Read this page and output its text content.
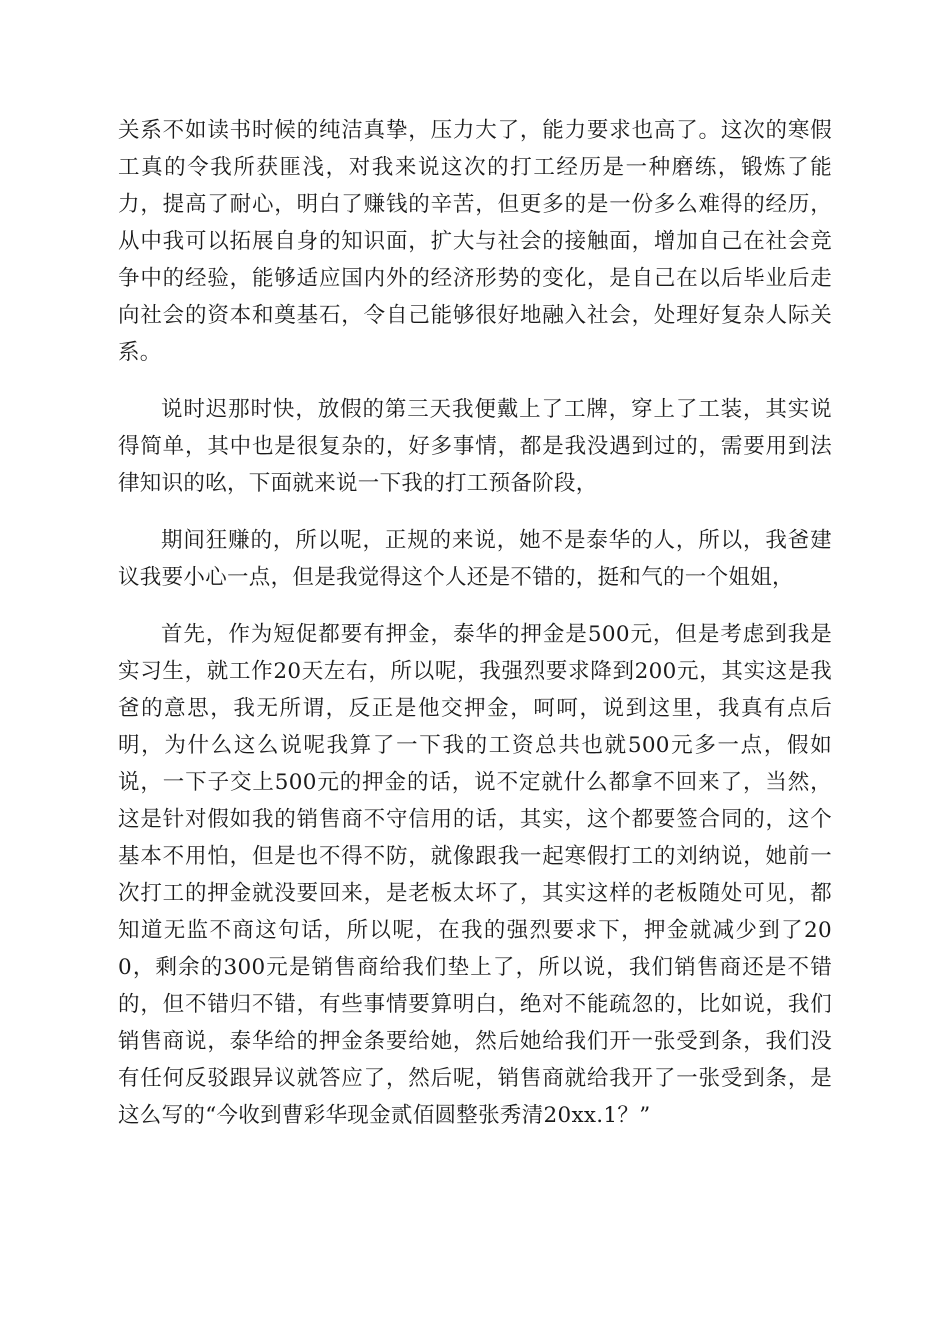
关系不如读书时候的纯洁真挚，压力大了，能力要求也高了。这次的寒假工真的令我所获匪浅，对我来说这次的打工经历是一种磨练，锻炼了能力，提高了耐心，明白了赚钱的辛苦，但更多的是一份多么难得的经历，从中我可以拓展自身的知识面，扩大与社会的接触面，增加自己在社会竞争中的经验，能够适应国内外的经济形势的变化，是自己在以后毕业后走向社会的资本和奠基石，令自己能够很好地融入社会，处理好复杂人际关系。

说时迟那时快，放假的第三天我便戴上了工牌，穿上了工装，其实说得简单，其中也是很复杂的，好多事情，都是我没遇到过的，需要用到法律知识的吆，下面就来说一下我的打工预备阶段，

期间狂赚的，所以呢，正规的来说，她不是泰华的人，所以，我爸建议我要小心一点，但是我觉得这个人还是不错的，挺和气的一个姐姐，

首先，作为短促都要有押金，泰华的押金是500元，但是考虑到我是实习生，就工作20天左右，所以呢，我强烈要求降到200元，其实这是我爸的意思，我无所谓，反正是他交押金，呵呵，说到这里，我真有点后明，为什么这么说呢我算了一下我的工资总共也就500元多一点，假如说，一下子交上500元的押金的话，说不定就什么都拿不回来了，当然，这是针对假如我的销售商不守信用的话，其实，这个都要签合同的，这个基本不用怕，但是也不得不防，就像跟我一起寒假打工的刘纳说，她前一次打工的押金就没要回来，是老板太坏了，其实这样的老板随处可见，都知道无监不商这句话，所以呢，在我的强烈要求下，押金就减少到了200，剩余的300元是销售商给我们垫上了，所以说，我们销售商还是不错的，但不错归不错，有些事情要算明白，绝对不能疏忽的，比如说，我们销售商说，泰华给的押金条要给她，然后她给我们开一张受到条，我们没有任何反驳跟异议就答应了，然后呢，销售商就给我开了一张受到条，是这么写的“今收到曹彩华现金贰佰圆整张秀清20xx.1？”
